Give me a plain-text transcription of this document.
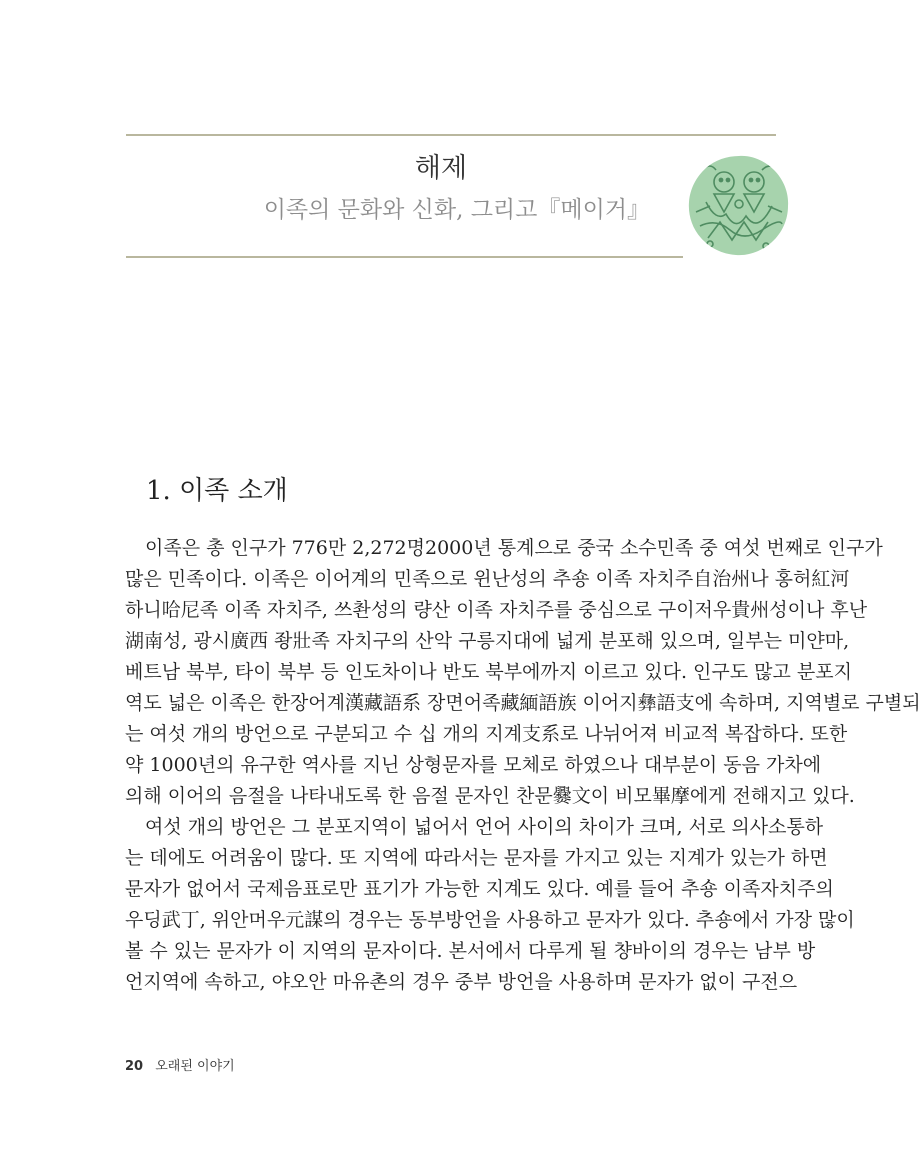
해제
이족의 문화와 신화, 그리고『메이거』
1. 이족 소개
이족은 총 인구가 776만 2,272명2000년 통계으로 중국 소수민족 중 여섯 번째로 인구가
많은 민족이다. 이족은 이어계의 민족으로 윈난성의 추숑 이족 자치주自治州나 홍허紅河
하니哈尼족 이족 자치주, 쓰촨성의 량산 이족 자치주를 중심으로 구이저우貴州성이나 후난
湖南성, 광시廣西 좡壯족 자치구의 산악 구릉지대에 넓게 분포해 있으며, 일부는 미얀마,
베트남 북부, 타이 북부 등 인도차이나 반도 북부에까지 이르고 있다. 인구도 많고 분포지
역도 넓은 이족은 한장어계漢藏語系 장면어족藏緬語族 이어지彝語支에 속하며, 지역별로 구별되
는 여섯 개의 방언으로 구분되고 수 십 개의 지계支系로 나뉘어져 비교적 복잡하다. 또한
약 1000년의 유구한 역사를 지닌 상형문자를 모체로 하였으나 대부분이 동음 가차에
의해 이어의 음절을 나타내도록 한 음절 문자인 찬문爨文이 비모畢摩에게 전해지고 있다.
여섯 개의 방언은 그 분포지역이 넓어서 언어 사이의 차이가 크며, 서로 의사소통하
는 데에도 어려움이 많다. 또 지역에 따라서는 문자를 가지고 있는 지계가 있는가 하면
문자가 없어서 국제음표로만 표기가 가능한 지계도 있다. 예를 들어 추숑 이족자치주의
우딩武丁, 위안머우元謀의 경우는 동부방언을 사용하고 문자가 있다. 추숑에서 가장 많이
볼 수 있는 문자가 이 지역의 문자이다. 본서에서 다루게 될 챵바이의 경우는 남부 방
언지역에 속하고, 야오안 마유촌의 경우 중부 방언을 사용하며 문자가 없이 구전으
20 오래된 이야기
